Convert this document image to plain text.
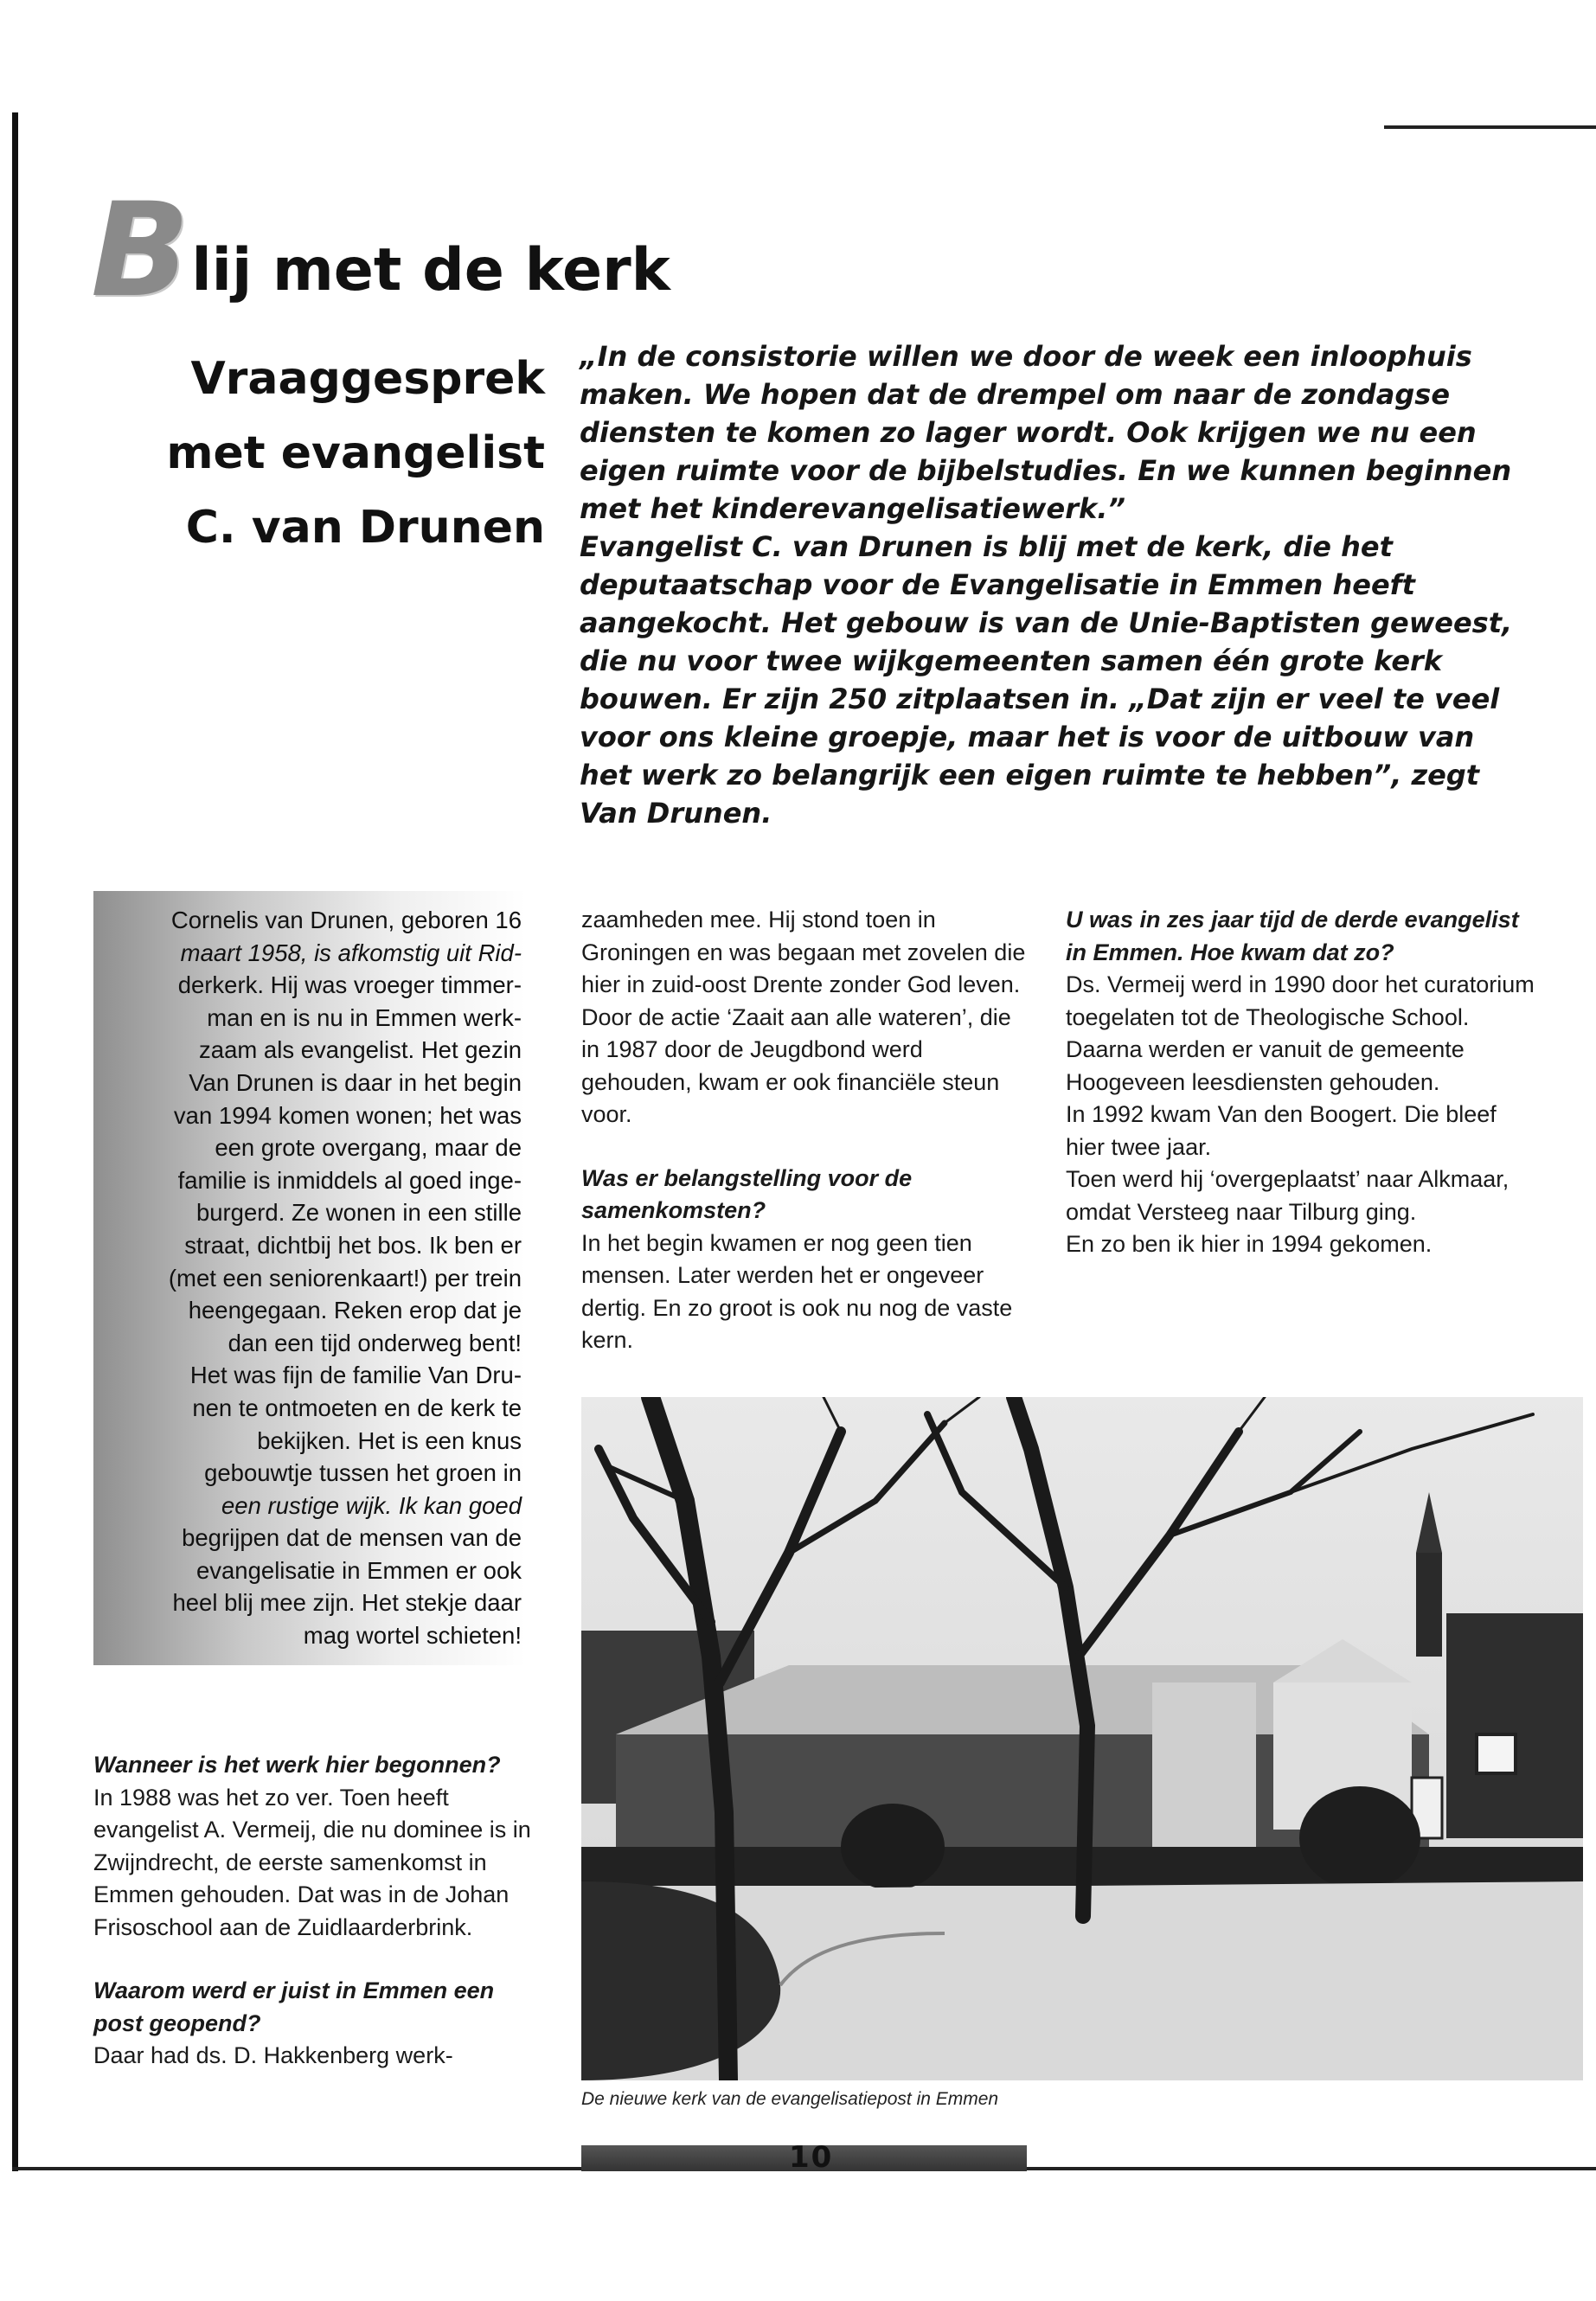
B lij met de kerk
Vraaggesprek
met evangelist
C. van Drunen

„In de consistorie willen we door de week een inloophuis maken. We hopen dat de drempel om naar de zondagse diensten te komen zo lager wordt. Ook krijgen we nu een eigen ruimte voor de bijbelstudies. En we kunnen beginnen met het kinderevangelisatiewerk.”

Evangelist C. van Drunen is blij met de kerk, die het deputaatschap voor de Evangelisatie in Emmen heeft aangekocht. Het gebouw is van de Unie-Baptisten geweest, die nu voor twee wijkgemeenten samen één grote kerk bouwen. Er zijn 250 zitplaatsen in. „Dat zijn er veel te veel voor ons kleine groepje, maar het is voor de uitbouw van het werk zo belangrijk een eigen ruimte te hebben”, zegt Van Drunen.

Cornelis van Drunen, geboren 16
maart 1958, is afkomstig uit Rid-
derkerk. Hij was vroeger timmer-
man en is nu in Emmen werk-
zaam als evangelist. Het gezin
Van Drunen is daar in het begin
van 1994 komen wonen; het was
een grote overgang, maar de
familie is inmiddels al goed inge-
burgerd. Ze wonen in een stille
straat, dichtbij het bos. Ik ben er
(met een seniorenkaart!) per trein
heengegaan. Reken erop dat je
dan een tijd onderweg bent!
Het was fijn de familie Van Dru-
nen te ontmoeten en de kerk te
bekijken. Het is een knus
gebouwtje tussen het groen in
een rustige wijk. Ik kan goed
begrijpen dat de mensen van de
evangelisatie in Emmen er ook
heel blij mee zijn. Het stekje daar
mag wortel schieten!

Wanneer is het werk hier begonnen?

In 1988 was het zo ver. Toen heeft evangelist A. Vermeij, die nu dominee is in Zwijndrecht, de eerste samenkomst in Emmen gehouden. Dat was in de Johan Frisoschool aan de Zuidlaarderbrink.

Waarom werd er juist in Emmen een post geopend?

Daar had ds. D. Hakkenberg werk-

zaamheden mee. Hij stond toen in Groningen en was begaan met zovelen die hier in zuid-oost Drente zonder God leven. Door de actie ‘Zaait aan alle wateren’, die in 1987 door de Jeugdbond werd gehouden, kwam er ook financiële steun voor.

Was er belangstelling voor de samenkomsten?

In het begin kwamen er nog geen tien mensen. Later werden het er ongeveer dertig. En zo groot is ook nu nog de vaste kern.

U was in zes jaar tijd de derde evangelist in Emmen. Hoe kwam dat zo?

Ds. Vermeij werd in 1990 door het curatorium toegelaten tot de Theologische School.

Daarna werden er vanuit de gemeente Hoogeveen leesdiensten gehouden.

In 1992 kwam Van den Boogert. Die bleef hier twee jaar.

Toen werd hij ‘overgeplaatst’ naar Alkmaar, omdat Versteeg naar Tilburg ging.

En zo ben ik hier in 1994 gekomen.

De nieuwe kerk van de evangelisatiepost in Emmen
10
